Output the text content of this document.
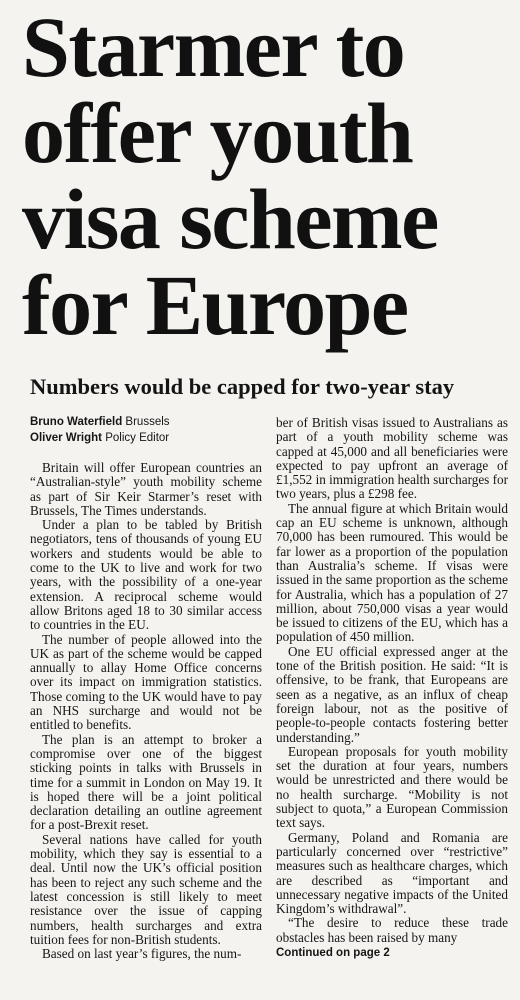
Starmer to
offer youth
visa scheme
for Europe
Numbers would be capped for two-year stay
Bruno Waterfield Brussels
Oliver Wright Policy Editor

Britain will offer European countries an “Australian-style” youth mobility scheme as part of Sir Keir Starmer’s reset with Brussels, The Times understands.

Under a plan to be tabled by British negotiators, tens of thousands of young EU workers and students would be able to come to the UK to live and work for two years, with the possibility of a one-year extension. A reciprocal scheme would allow Britons aged 18 to 30 similar access to countries in the EU.

The number of people allowed into the UK as part of the scheme would be capped annually to allay Home Office concerns over its impact on immigration statistics. Those coming to the UK would have to pay an NHS surcharge and would not be entitled to benefits.

The plan is an attempt to broker a compromise over one of the biggest sticking points in talks with Brussels in time for a summit in London on May 19. It is hoped there will be a joint political declaration detailing an outline agreement for a post-Brexit reset.

Several nations have called for youth mobility, which they say is essential to a deal. Until now the UK’s official position has been to reject any such scheme and the latest concession is still likely to meet resistance over the issue of capping numbers, health surcharges and extra tuition fees for non-British students.

Based on last year’s figures, the num-

ber of British visas issued to Australians as part of a youth mobility scheme was capped at 45,000 and all beneficiaries were expected to pay upfront an average of £1,552 in immigration health surcharges for two years, plus a £298 fee.

The annual figure at which Britain would cap an EU scheme is unknown, although 70,000 has been rumoured. This would be far lower as a proportion of the population than Australia’s scheme. If visas were issued in the same proportion as the scheme for Australia, which has a population of 27 million, about 750,000 visas a year would be issued to citizens of the EU, which has a population of 450 million.

One EU official expressed anger at the tone of the British position. He said: “It is offensive, to be frank, that Europeans are seen as a negative, as an influx of cheap foreign labour, not as the positive of people-to-people contacts fostering better understanding.”

European proposals for youth mobility set the duration at four years, numbers would be unrestricted and there would be no health surcharge. “Mobility is not subject to quota,” a European Commission text says.

Germany, Poland and Romania are particularly concerned over “restrictive” measures such as healthcare charges, which are described as “important and unnecessary negative impacts of the United Kingdom’s withdrawal”.

“The desire to reduce these trade obstacles has been raised by many

Continued on page 2
